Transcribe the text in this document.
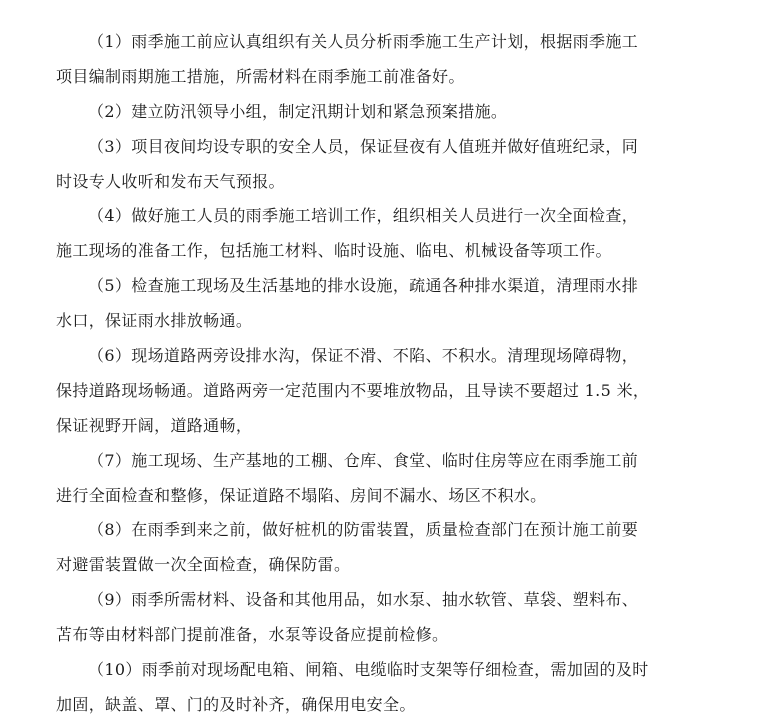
（1）雨季施工前应认真组织有关人员分析雨季施工生产计划，根据雨季施工
项目编制雨期施工措施，所需材料在雨季施工前准备好。
（2）建立防汛领导小组，制定汛期计划和紧急预案措施。
（3）项目夜间均设专职的安全人员，保证昼夜有人值班并做好值班纪录，同
时设专人收听和发布天气预报。
（4）做好施工人员的雨季施工培训工作，组织相关人员进行一次全面检查，
施工现场的准备工作，包括施工材料、临时设施、临电、机械设备等项工作。
（5）检查施工现场及生活基地的排水设施，疏通各种排水渠道，清理雨水排
水口，保证雨水排放畅通。
（6）现场道路两旁设排水沟，保证不滑、不陷、不积水。清理现场障碍物，
保持道路现场畅通。道路两旁一定范围内不要堆放物品，且导读不要超过 1.5 米，
保证视野开阔，道路通畅，
（7）施工现场、生产基地的工棚、仓库、食堂、临时住房等应在雨季施工前
进行全面检查和整修，保证道路不塌陷、房间不漏水、场区不积水。
（8）在雨季到来之前，做好桩机的防雷装置，质量检查部门在预计施工前要
对避雷装置做一次全面检查，确保防雷。
（9）雨季所需材料、设备和其他用品，如水泵、抽水软管、草袋、塑料布、
苫布等由材料部门提前准备，水泵等设备应提前检修。
（10）雨季前对现场配电箱、闸箱、电缆临时支架等仔细检查，需加固的及时
加固，缺盖、罩、门的及时补齐，确保用电安全。
